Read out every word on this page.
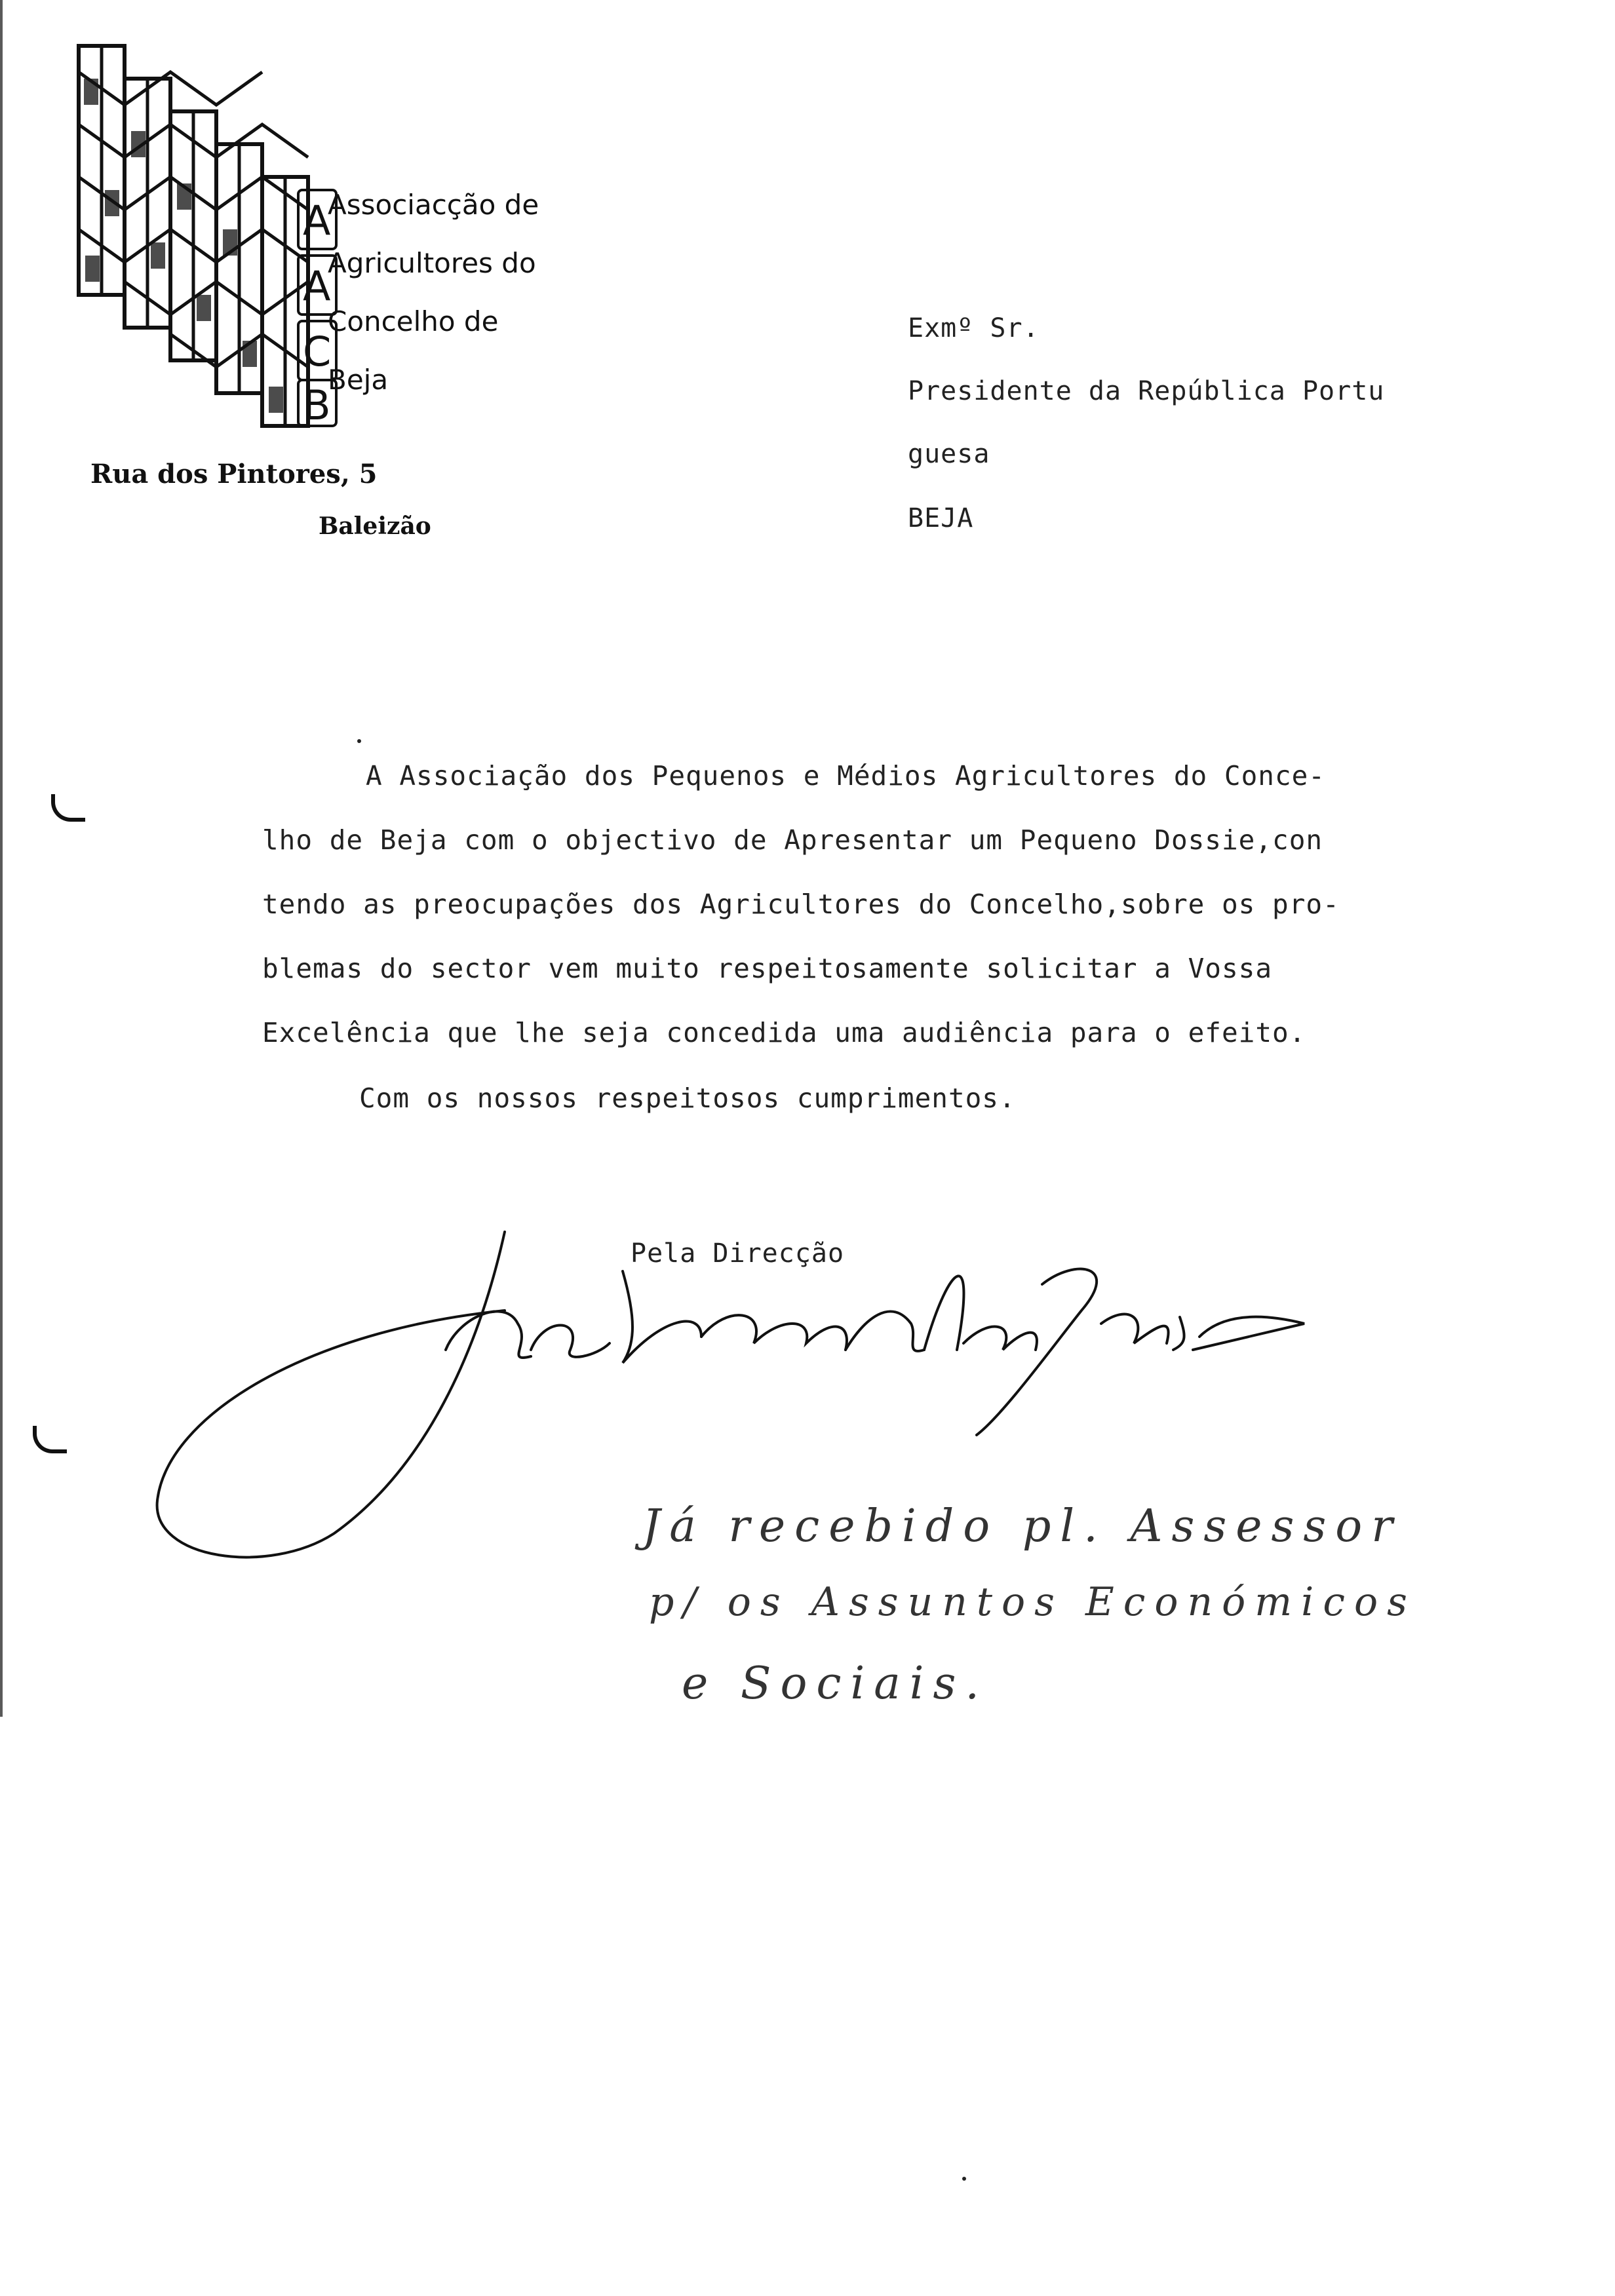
A
A
C
B
Associacção de
Agricultores do
Concelho de
Beja
Rua dos Pintores, 5
Baleizão
Exmº Sr.
Presidente da República Portu
guesa
BEJA
A Associação dos Pequenos e Médios Agricultores do Conce-
lho de Beja com o objectivo de Apresentar um Pequeno Dossie,con
tendo as preocupações dos Agricultores do Concelho,sobre os pro-
blemas do sector vem muito respeitosamente solicitar a Vossa
Excelência que lhe seja concedida uma audiência para o efeito.
Com os nossos respeitosos cumprimentos.
Pela Direcção
Já recebido pl. Assessor
p/ os Assuntos Económicos
e Sociais.
